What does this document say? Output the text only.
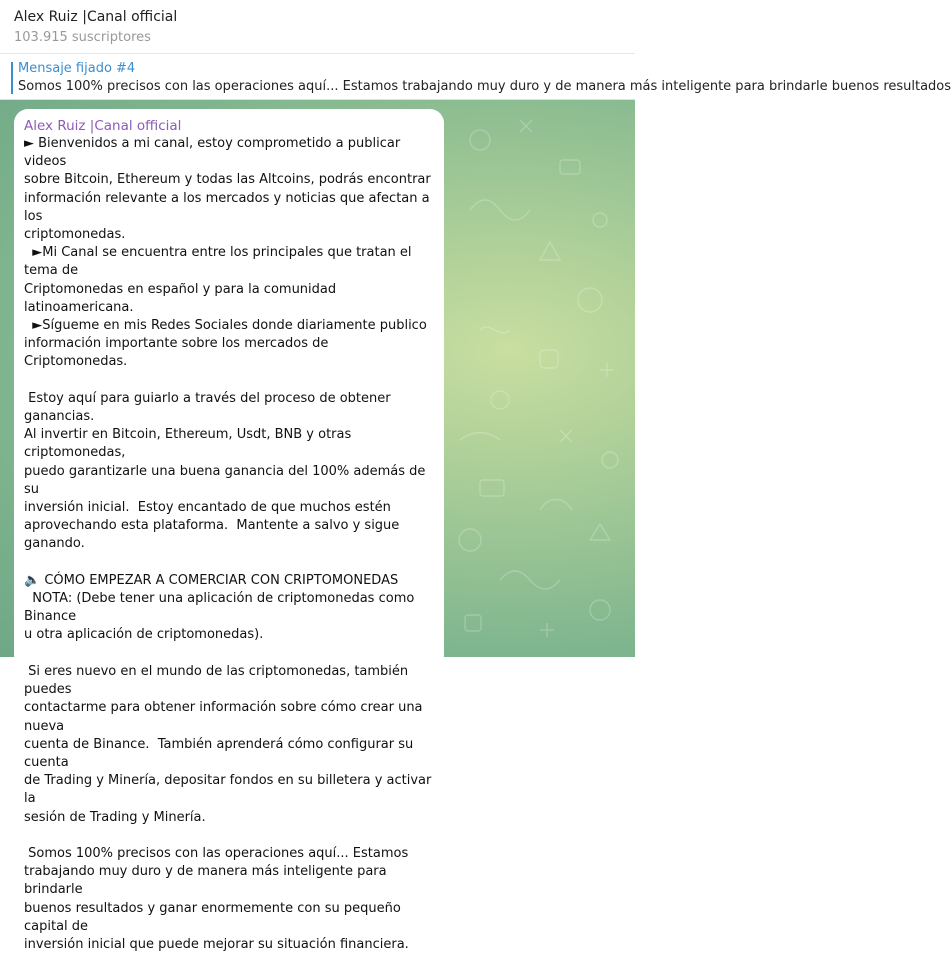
Alex Ruiz |Canal official
103.915 suscriptores
Mensaje fijado #4
Somos 100% precisos con las operaciones aquí... Estamos trabajando muy duro y de manera más inteligente para brindarle buenos resultados
Alex Ruiz |Canal official
► Bienvenidos a mi canal, estoy comprometido a publicar videos
sobre Bitcoin, Ethereum y todas las Altcoins, podrás encontrar
información relevante a los mercados y noticias que afectan a los
criptomonedas.
►Mi Canal se encuentra entre los principales que tratan el tema de
Criptomonedas en español y para la comunidad latinoamericana.
►Sígueme en mis Redes Sociales donde diariamente publico
información importante sobre los mercados de Criptomonedas.

Estoy aquí para guiarlo a través del proceso de obtener ganancias.
Al invertir en Bitcoin, Ethereum, Usdt, BNB y otras criptomonedas,
puedo garantizarle una buena ganancia del 100% además de su
inversión inicial.  Estoy encantado de que muchos estén
aprovechando esta plataforma.  Mantente a salvo y sigue ganando.

🔈 CÓMO EMPEZAR A COMERCIAR CON CRIPTOMONEDAS
NOTA: (Debe tener una aplicación de criptomonedas como Binance
u otra aplicación de criptomonedas).

Si eres nuevo en el mundo de las criptomonedas, también puedes
contactarme para obtener información sobre cómo crear una nueva
cuenta de Binance.  También aprenderá cómo configurar su cuenta
de Trading y Minería, depositar fondos en su billetera y activar la
sesión de Trading y Minería.

Somos 100% precisos con las operaciones aquí... Estamos
trabajando muy duro y de manera más inteligente para brindarle
buenos resultados y ganar enormemente con su pequeño capital de
inversión inicial que puede mejorar su situación financiera.
